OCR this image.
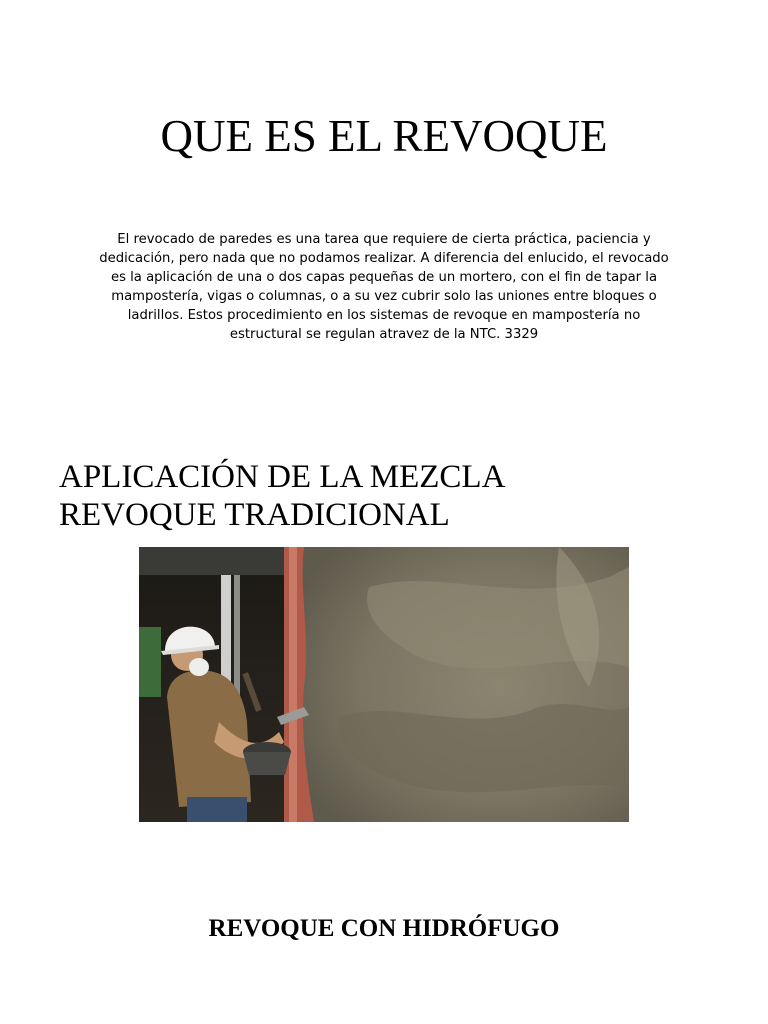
QUE ES EL REVOQUE

El revocado de paredes es una tarea que requiere de cierta práctica, paciencia y dedicación, pero nada que no podamos realizar. A diferencia del enlucido, el revocado es la aplicación de una o dos capas pequeñas de un mortero, con el fin de tapar la mampostería, vigas o columnas, o a su vez cubrir solo las uniones entre bloques o ladrillos. Estos procedimiento en los sistemas de revoque en mampostería no estructural se regulan atravez de la NTC. 3329

APLICACIÓN DE LA MEZCLA
REVOQUE TRADICIONAL
REVOQUE CON HIDRÓFUGO
